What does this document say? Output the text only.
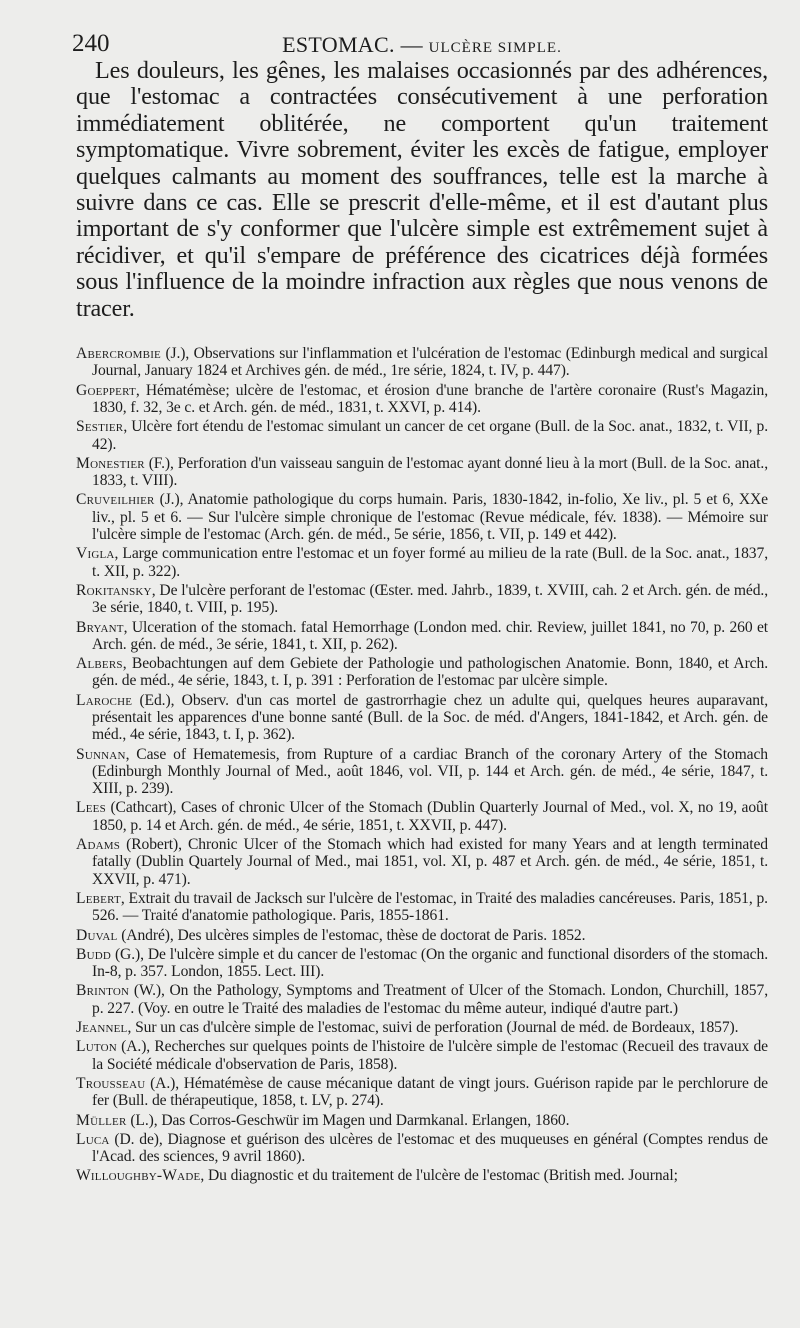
240	ESTOMAC. — ULCÈRE SIMPLE.

Les douleurs, les gênes, les malaises occasionnés par des adhérences, que l'estomac a contractées consécutivement à une perforation immédiatement oblitérée, ne comportent qu'un traitement symptomatique. Vivre sobrement, éviter les excès de fatigue, employer quelques calmants au moment des souffrances, telle est la marche à suivre dans ce cas. Elle se prescrit d'elle-même, et il est d'autant plus important de s'y conformer que l'ulcère simple est extrêmement sujet à récidiver, et qu'il s'empare de préférence des cicatrices déjà formées sous l'influence de la moindre infraction aux règles que nous venons de tracer.

Abercrombie (J.), Observations sur l'inflammation et l'ulcération de l'estomac (Edinburgh medical and surgical Journal, January 1824 et Archives gén. de méd., 1re série, 1824, t. IV, p. 447).

Goeppert, Hématémèse; ulcère de l'estomac, et érosion d'une branche de l'artère coronaire (Rust's Magazin, 1830, f. 32, 3e c. et Arch. gén. de méd., 1831, t. XXVI, p. 414).

Sestier, Ulcère fort étendu de l'estomac simulant un cancer de cet organe (Bull. de la Soc. anat., 1832, t. VII, p. 42).

Monestier (F.), Perforation d'un vaisseau sanguin de l'estomac ayant donné lieu à la mort (Bull. de la Soc. anat., 1833, t. VIII).

Cruveilhier (J.), Anatomie pathologique du corps humain. Paris, 1830-1842, in-folio, Xe liv., pl. 5 et 6, XXe liv., pl. 5 et 6. — Sur l'ulcère simple chronique de l'estomac (Revue médicale, fév. 1838). — Mémoire sur l'ulcère simple de l'estomac (Arch. gén. de méd., 5e série, 1856, t. VII, p. 149 et 442).

Vigla, Large communication entre l'estomac et un foyer formé au milieu de la rate (Bull. de la Soc. anat., 1837, t. XII, p. 322).

Rokitansky, De l'ulcère perforant de l'estomac (Œster. med. Jahrb., 1839, t. XVIII, cah. 2 et Arch. gén. de méd., 3e série, 1840, t. VIII, p. 195).

Bryant, Ulceration of the stomach. fatal Hemorrhage (London med. chir. Review, juillet 1841, no 70, p. 260 et Arch. gén. de méd., 3e série, 1841, t. XII, p. 262).

Albers, Beobachtungen auf dem Gebiete der Pathologie und pathologischen Anatomie. Bonn, 1840, et Arch. gén. de méd., 4e série, 1843, t. I, p. 391 : Perforation de l'estomac par ulcère simple.

Laroche (Ed.), Observ. d'un cas mortel de gastrorrhagie chez un adulte qui, quelques heures auparavant, présentait les apparences d'une bonne santé (Bull. de la Soc. de méd. d'Angers, 1841-1842, et Arch. gén. de méd., 4e série, 1843, t. I, p. 362).

Sunnan, Case of Hematemesis, from Rupture of a cardiac Branch of the coronary Artery of the Stomach (Edinburgh Monthly Journal of Med., août 1846, vol. VII, p. 144 et Arch. gén. de méd., 4e série, 1847, t. XIII, p. 239).

Lees (Cathcart), Cases of chronic Ulcer of the Stomach (Dublin Quarterly Journal of Med., vol. X, no 19, août 1850, p. 14 et Arch. gén. de méd., 4e série, 1851, t. XXVII, p. 447).

Adams (Robert), Chronic Ulcer of the Stomach which had existed for many Years and at length terminated fatally (Dublin Quartely Journal of Med., mai 1851, vol. XI, p. 487 et Arch. gén. de méd., 4e série, 1851, t. XXVII, p. 471).

Lebert, Extrait du travail de Jacksch sur l'ulcère de l'estomac, in Traité des maladies cancéreuses. Paris, 1851, p. 526. — Traité d'anatomie pathologique. Paris, 1855-1861.

Duval (André), Des ulcères simples de l'estomac, thèse de doctorat de Paris. 1852.

Budd (G.), De l'ulcère simple et du cancer de l'estomac (On the organic and functional disorders of the stomach. In-8, p. 357. London, 1855. Lect. III).

Brinton (W.), On the Pathology, Symptoms and Treatment of Ulcer of the Stomach. London, Churchill, 1857, p. 227. (Voy. en outre le Traité des maladies de l'estomac du même auteur, indiqué d'autre part.)

Jeannel, Sur un cas d'ulcère simple de l'estomac, suivi de perforation (Journal de méd. de Bordeaux, 1857).

Luton (A.), Recherches sur quelques points de l'histoire de l'ulcère simple de l'estomac (Recueil des travaux de la Société médicale d'observation de Paris, 1858).

Trousseau (A.), Hématémèse de cause mécanique datant de vingt jours. Guérison rapide par le perchlorure de fer (Bull. de thérapeutique, 1858, t. LV, p. 274).

Müller (L.), Das Corros-Geschwür im Magen und Darmkanal. Erlangen, 1860.

Luca (D. de), Diagnose et guérison des ulcères de l'estomac et des muqueuses en général (Comptes rendus de l'Acad. des sciences, 9 avril 1860).

Willoughby-Wade, Du diagnostic et du traitement de l'ulcère de l'estomac (British med. Journal;
